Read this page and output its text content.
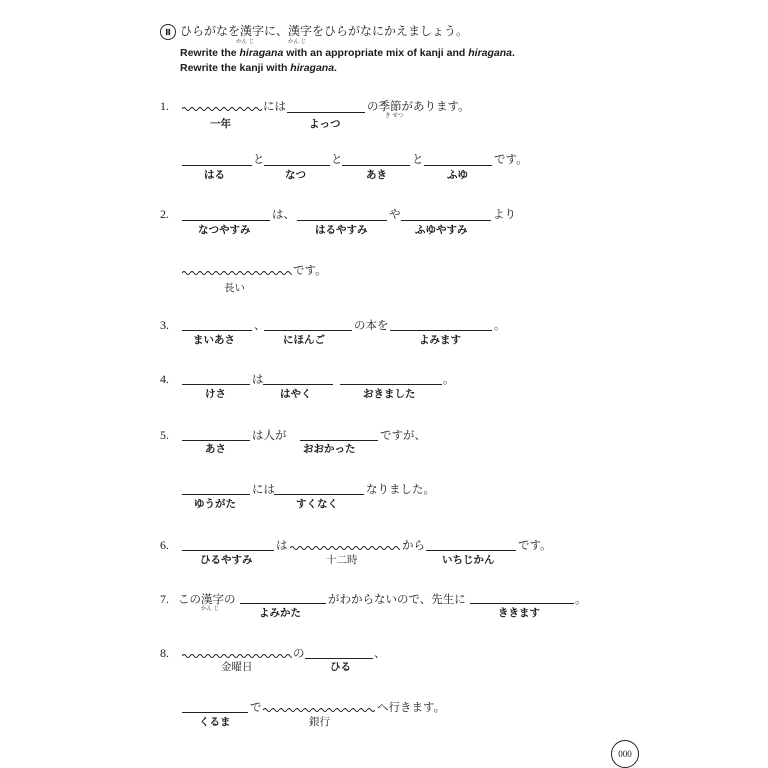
Ⅲ ひらがなを漢字に、漢字をひらがなにかえましょう。
かん じ	かん じ
Rewrite the hiragana with an appropriate mix of kanji and hiragana.
Rewrite the kanji with hiragana.
1.	には	の季節があります。
き せつ
一年	よっつ
と	と	と	です。
はる	なつ	あき	ふゆ
2.	は、	や	より
なつやすみ	はるやすみ	ふゆやすみ
です。
長い
3.	、	の本を	。
まいあさ	にほんご	よみます
4.	は	。
けさ	はやく	おきました
5.	は人が	ですが、
あさ	おおかった
には	なりました。
ゆうがた	すくなく
6.	は	から	です。
ひるやすみ	十二時	いちじかん
7. この漢字の
かん じ
がわからないので、先生に	。
よみかた	ききます
8.	の	、
金曜日	ひる
で	へ行きます。
くるま	銀行
000
